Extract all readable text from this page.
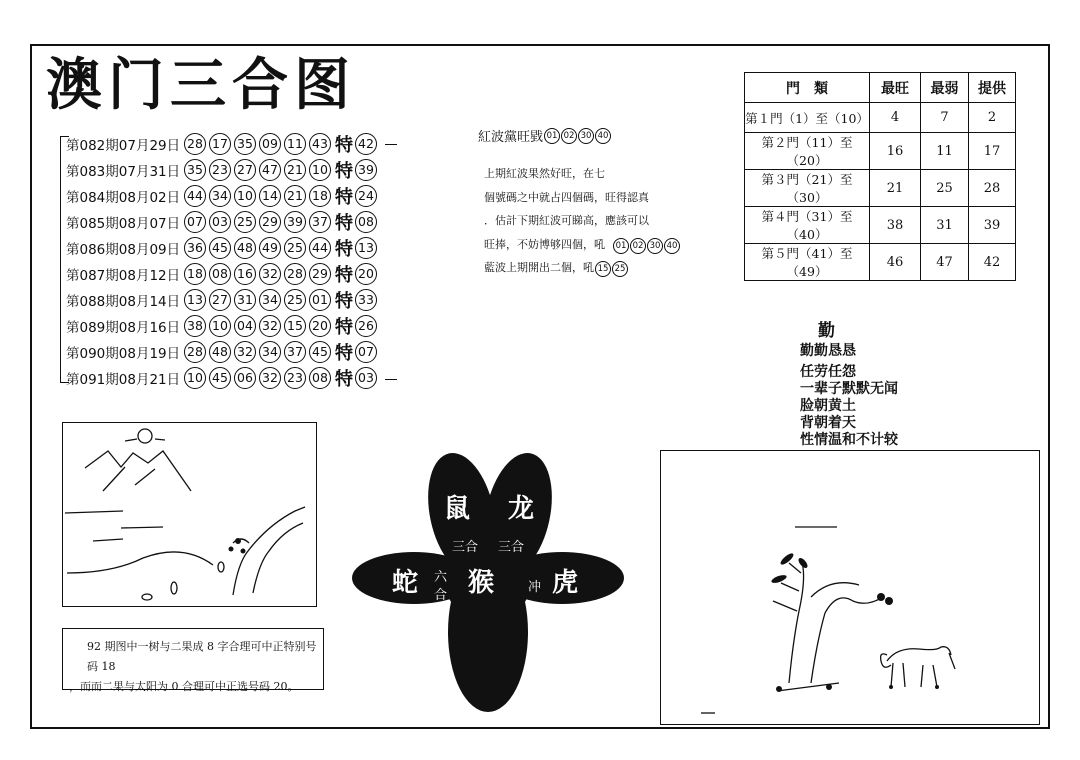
澳门三合图
第082期07月29日 28 17 35 09 11 43 特 42
第083期07月31日 35 23 27 47 21 10 特 39
第084期08月02日 44 34 10 14 21 18 特 24
第085期08月07日 07 03 25 29 39 37 特 08
第086期08月09日 36 45 48 49 25 44 特 13
第087期08月12日 18 08 16 32 28 29 特 20
第088期08月14日 13 27 31 34 25 01 特 33
第089期08月16日 38 10 04 32 15 20 特 26
第090期08月19日 28 48 32 34 37 45 特 07
第091期08月21日 10 45 06 32 23 08 特 03
紅波黨旺戥 01 02 30 40
上期紅波果然好旺，在七
個號碼之中就占四個碼，旺得認真
．估計下期紅波可睇高，應該可以
旺捧，不妨博够四個，吼
	01 02 30 40
藍波上期開出二個，吼 15 25
門　類	最旺	最弱	提供
第１門（1）至（10）	4	7	2
第２門（11）至（20）	16	11	17
第３門（21）至（30）	21	25	28
第４門（31）至（40）	38	31	39
第５門（41）至（49）	46	47	42
勤
勤勤恳恳
任劳任怨
一辈子默默无闻
脸朝黄土
背朝着天
性情温和不计较
92 期图中一树与二果成 8 字合理可中正特别号码 18
，而而二果与太阳为 0 合理可中正选号码 20。
鼠 龙
三合 三合
蛇 六
合 猴	冲 虎
